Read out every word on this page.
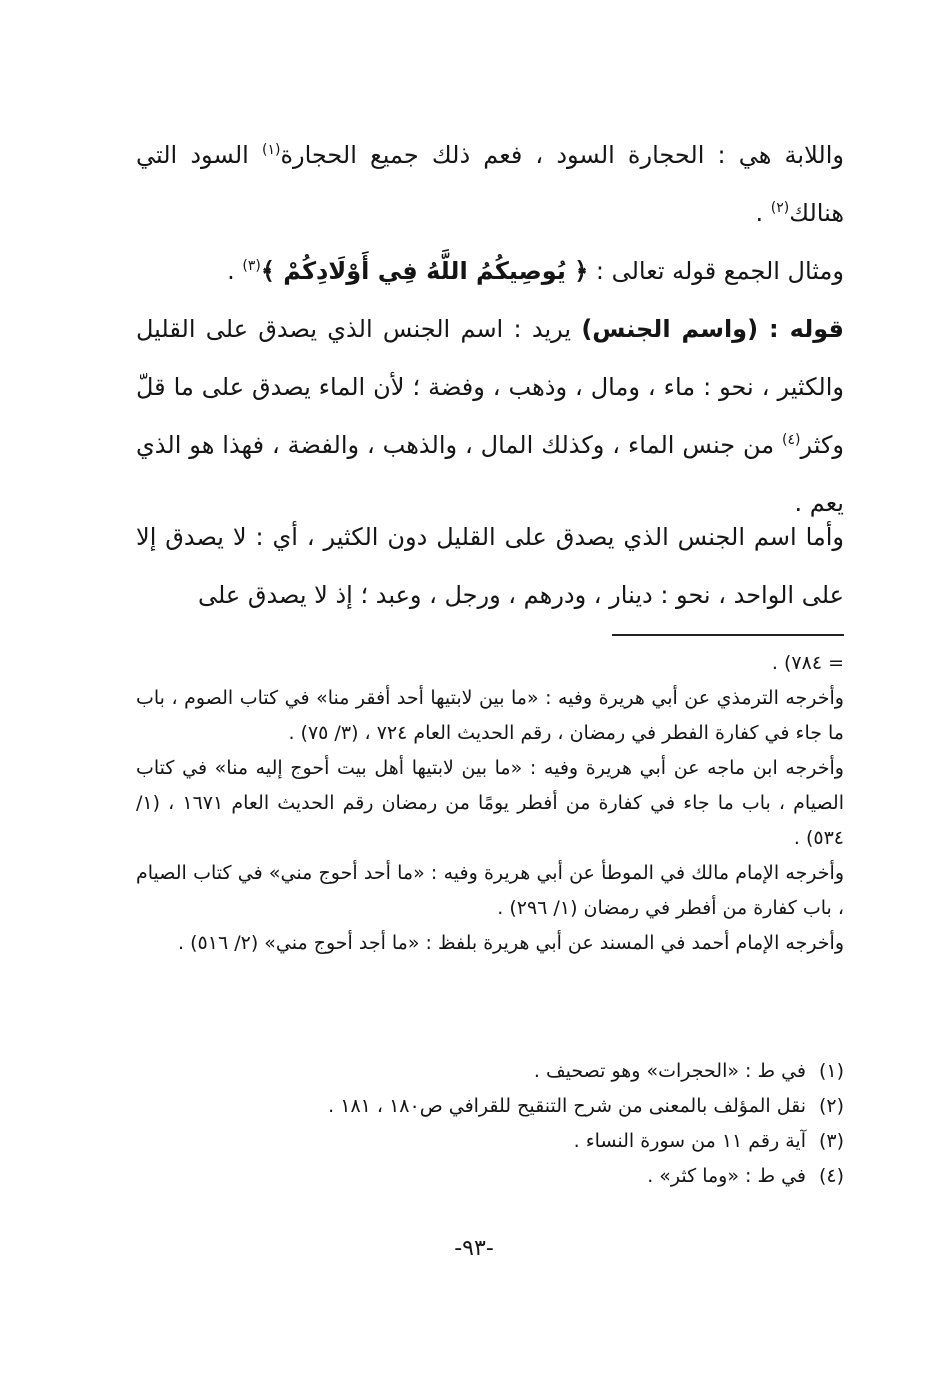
واللابة هي : الحجارة السود ، فعم ذلك جميع الحجارة$^{(١)}$ السود التي هنالك$^{(٢)}$ .

ومثال الجمع قوله تعالى : ﴿ يُوصِيكُمُ اللَّهُ فِي أَوْلَادِكُمْ ﴾$^{(٣)}$ .

قوله : (واسم الجنس) يريد : اسم الجنس الذي يصدق على القليل والكثير ، نحو : ماء ، ومال ، وذهب ، وفضة ؛ لأن الماء يصدق على ما قلّ وكثر$^{(٤)}$ من جنس الماء ، وكذلك المال ، والذهب ، والفضة ، فهذا هو الذي يعم .

وأما اسم الجنس الذي يصدق على القليل دون الكثير ، أي : لا يصدق إلا على الواحد ، نحو : دينار ، ودرهم ، ورجل ، وعبد ؛ إذ لا يصدق على

= ٧٨٤) .

وأخرجه الترمذي عن أبي هريرة وفيه : «ما بين لابتيها أحد أفقر منا» في كتاب الصوم ، باب ما جاء في كفارة الفطر في رمضان ، رقم الحديث العام ٧٢٤ ، (٣/ ٧٥) .

وأخرجه ابن ماجه عن أبي هريرة وفيه : «ما بين لابتيها أهل بيت أحوج إليه منا» في كتاب الصيام ، باب ما جاء في كفارة من أفطر يومًا من رمضان رقم الحديث العام ١٦٧١ ، (١/ ٥٣٤) .

وأخرجه الإمام مالك في الموطأ عن أبي هريرة وفيه : «ما أحد أحوج مني» في كتاب الصيام ، باب كفارة من أفطر في رمضان (١/ ٢٩٦) .

وأخرجه الإمام أحمد في المسند عن أبي هريرة بلفظ : «ما أجد أحوج مني» (٢/ ٥١٦) .

(١)
في ط : «الحجرات» وهو تصحيف .
(٢)
نقل المؤلف بالمعنى من شرح التنقيح للقرافي ص١٨٠ ، ١٨١ .
(٣)
آية رقم ١١ من سورة النساء .
(٤)
في ط : «وما كثر» .
-٩٣-
